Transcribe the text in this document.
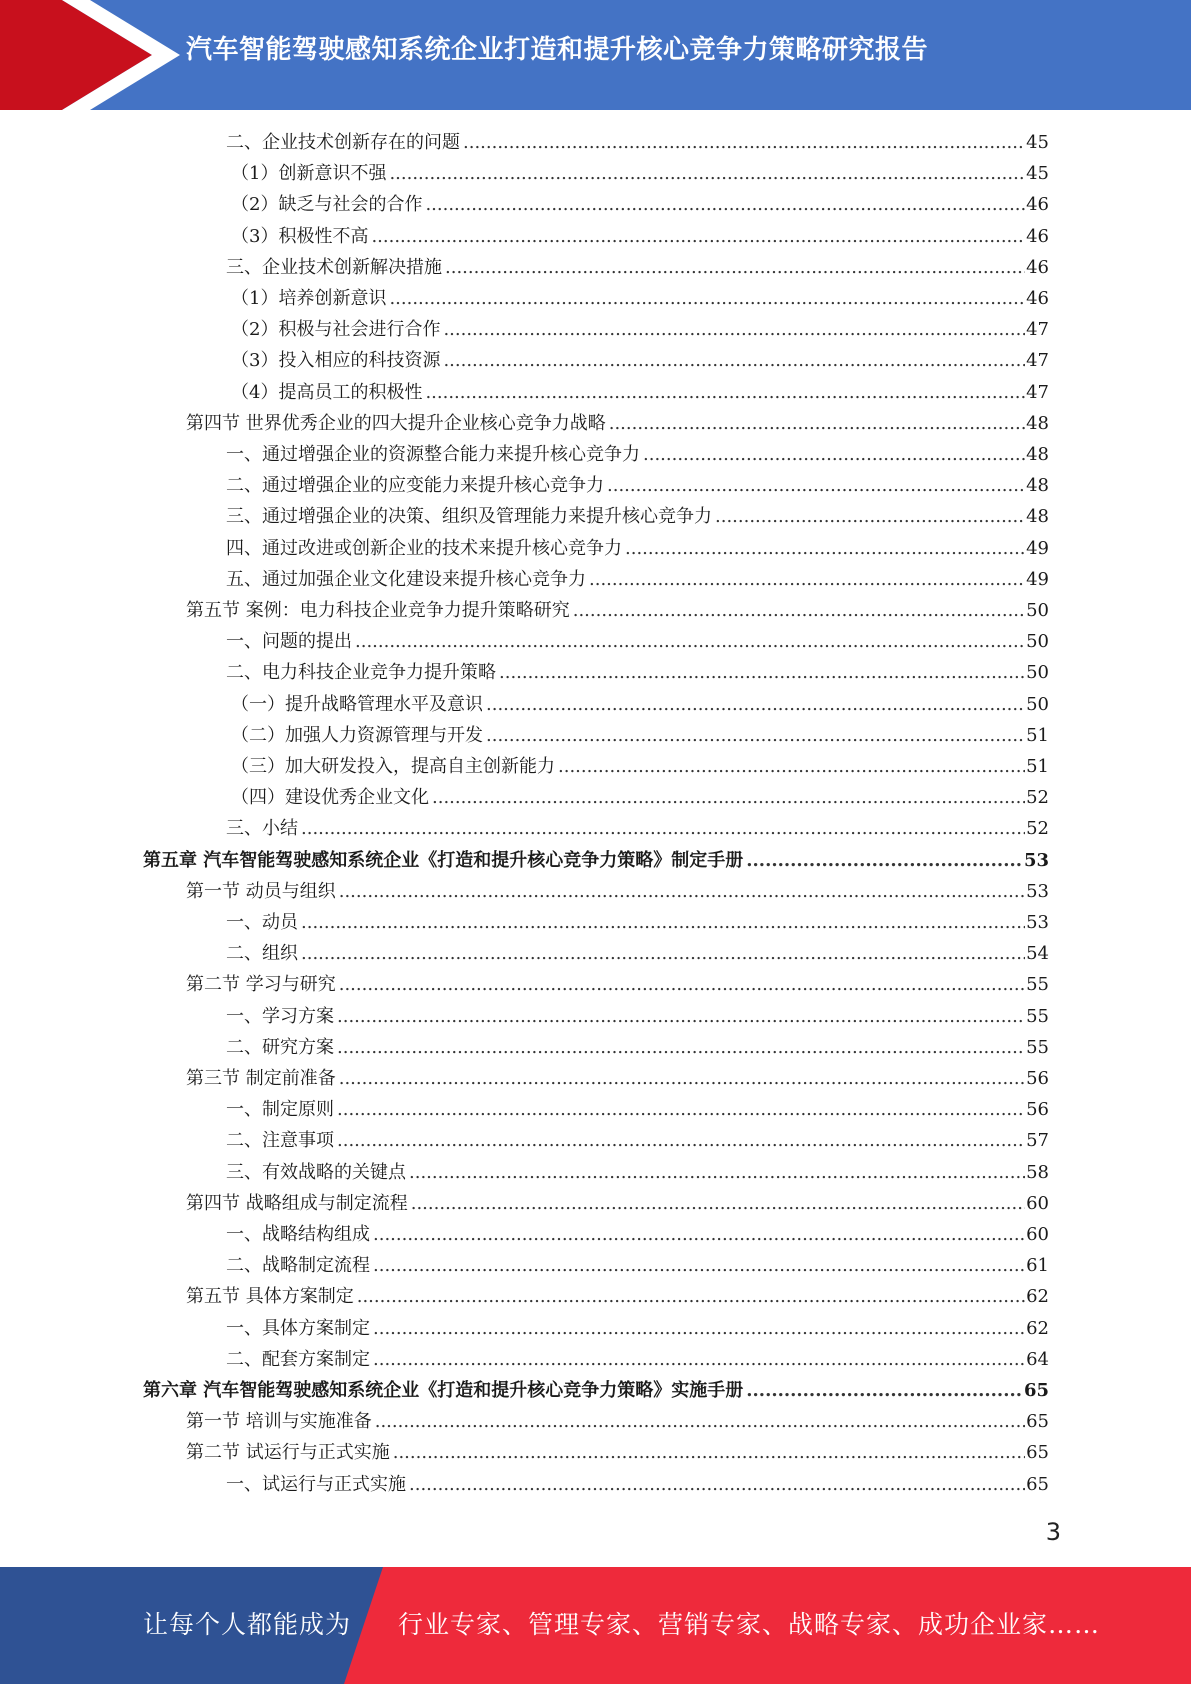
汽车智能驾驶感知系统企业打造和提升核心竞争力策略研究报告
二、企业技术创新存在的问题 .....	45
（1）创新意识不强 .....	45
（2）缺乏与社会的合作 .....	46
（3）积极性不高 .....	46
三、企业技术创新解决措施 .....	46
（1）培养创新意识 .....	46
（2）积极与社会进行合作 .....	47
（3）投入相应的科技资源 .....	47
（4）提高员工的积极性 .....	47
第四节 世界优秀企业的四大提升企业核心竞争力战略 .....	48
一、通过增强企业的资源整合能力来提升核心竞争力 .....	48
二、通过增强企业的应变能力来提升核心竞争力 .....	48
三、通过增强企业的决策、组织及管理能力来提升核心竞争力 .....	48
四、通过改进或创新企业的技术来提升核心竞争力 .....	49
五、通过加强企业文化建设来提升核心竞争力 .....	49
第五节 案例：电力科技企业竞争力提升策略研究 .....	50
一、问题的提出 .....	50
二、电力科技企业竞争力提升策略 .....	50
（一）提升战略管理水平及意识 .....	50
（二）加强人力资源管理与开发 .....	51
（三）加大研发投入，提高自主创新能力 .....	51
（四）建设优秀企业文化 .....	52
三、小结 .....	52
第五章 汽车智能驾驶感知系统企业《打造和提升核心竞争力策略》制定手册 .....	53
第一节 动员与组织 .....	53
一、动员 .....	53
二、组织 .....	54
第二节 学习与研究 .....	55
一、学习方案 .....	55
二、研究方案 .....	55
第三节 制定前准备 .....	56
一、制定原则 .....	56
二、注意事项 .....	57
三、有效战略的关键点 .....	58
第四节 战略组成与制定流程 .....	60
一、战略结构组成 .....	60
二、战略制定流程 .....	61
第五节 具体方案制定 .....	62
一、具体方案制定 .....	62
二、配套方案制定 .....	64
第六章 汽车智能驾驶感知系统企业《打造和提升核心竞争力策略》实施手册 .....	65
第一节 培训与实施准备 .....	65
第二节 试运行与正式实施 .....	65
一、试运行与正式实施 .....	65
3
让每个人都能成为 行业专家、管理专家、营销专家、战略专家、成功企业家……
